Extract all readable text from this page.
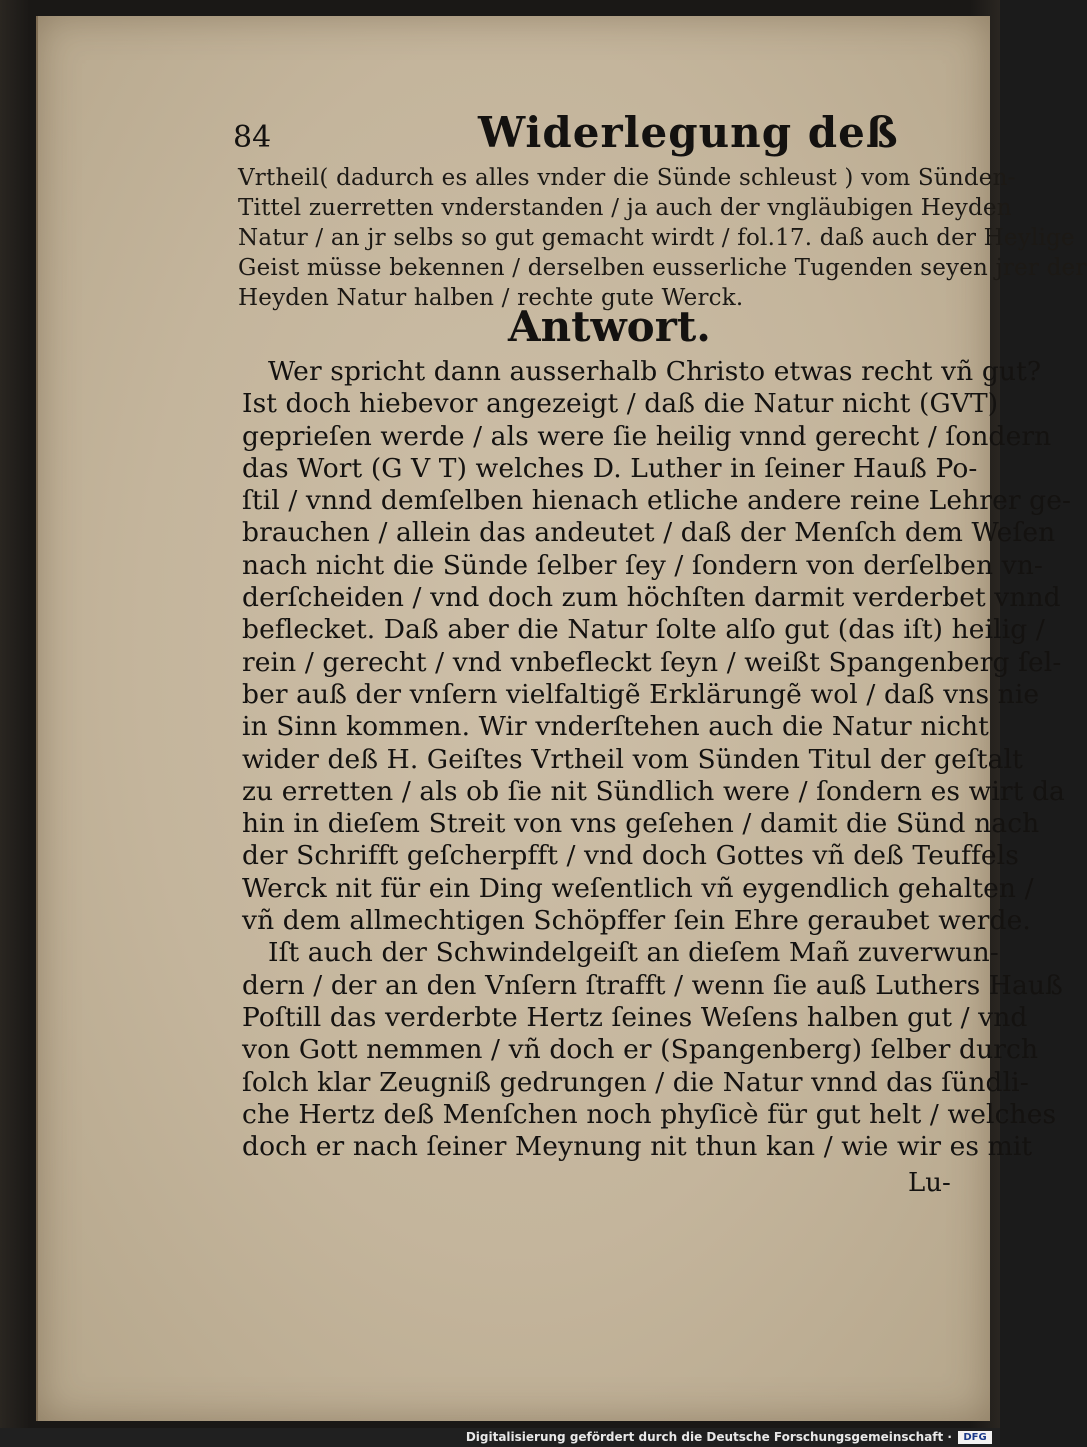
84	Widerlegung deß
Vrtheil( dadurch es alles vnder die Sünde schleust ) vom Sünden-
Tittel zuerretten vnderstanden / ja auch der vngläubigen Heyden
Natur / an jr selbs so gut gemacht wirdt / fol.17. daß auch der Heylige
Geist müsse bekennen / derselben eusserliche Tugenden seyen jrer der
Heyden Natur halben / rechte gute Werck.
Antwort.
Wer spricht dann ausserhalb Christo etwas recht vñ gut?
Ist doch hiebevor angezeigt / daß die Natur nicht (GVT)
geprieſen werde / als were ſie heilig vnnd gerecht / ſondern
das Wort (G V T) welches D. Luther in ſeiner Hauß Po-
ſtil / vnnd demſelben hienach etliche andere reine Lehrer ge-
brauchen / allein das andeutet / daß der Menſch dem Weſen
nach nicht die Sünde ſelber ſey / ſondern von derſelben vn-
derſcheiden / vnd doch zum höchſten darmit verderbet vnnd
beflecket. Daß aber die Natur ſolte alſo gut (das iſt) heilig /
rein / gerecht / vnd vnbefleckt ſeyn / weißt Spangenberg ſel-
ber auß der vnſern vielfaltigẽ Erklärungẽ wol / daß vns nie
in Sinn kommen. Wir vnderſtehen auch die Natur nicht
wider deß H. Geiſtes Vrtheil vom Sünden Titul der geſtalt
zu erretten / als ob ſie nit Sündlich were / ſondern es wirt da
hin in dieſem Streit von vns geſehen / damit die Sünd nach
der Schrifft geſcherpfft / vnd doch Gottes vñ deß Teuffels
Werck nit für ein Ding weſentlich vñ eygendlich gehalten /
vñ dem allmechtigen Schöpffer ſein Ehre geraubet werde.
Iſt auch der Schwindelgeiſt an dieſem Mañ zuverwun-
dern / der an den Vnſern ſtrafft / wenn ſie auß Luthers Hauß
Poſtill das verderbte Hertz ſeines Weſens halben gut / vnd
von Gott nemmen / vñ doch er (Spangenberg) ſelber durch
ſolch klar Zeugniß gedrungen / die Natur vnnd das ſündli-
che Hertz deß Menſchen noch phyſicè für gut helt / welches
doch er nach ſeiner Meynung nit thun kan / wie wir es mit
Lu-
Digitalisierung gefördert durch die Deutsche Forschungsgemeinschaft ·	DFG
